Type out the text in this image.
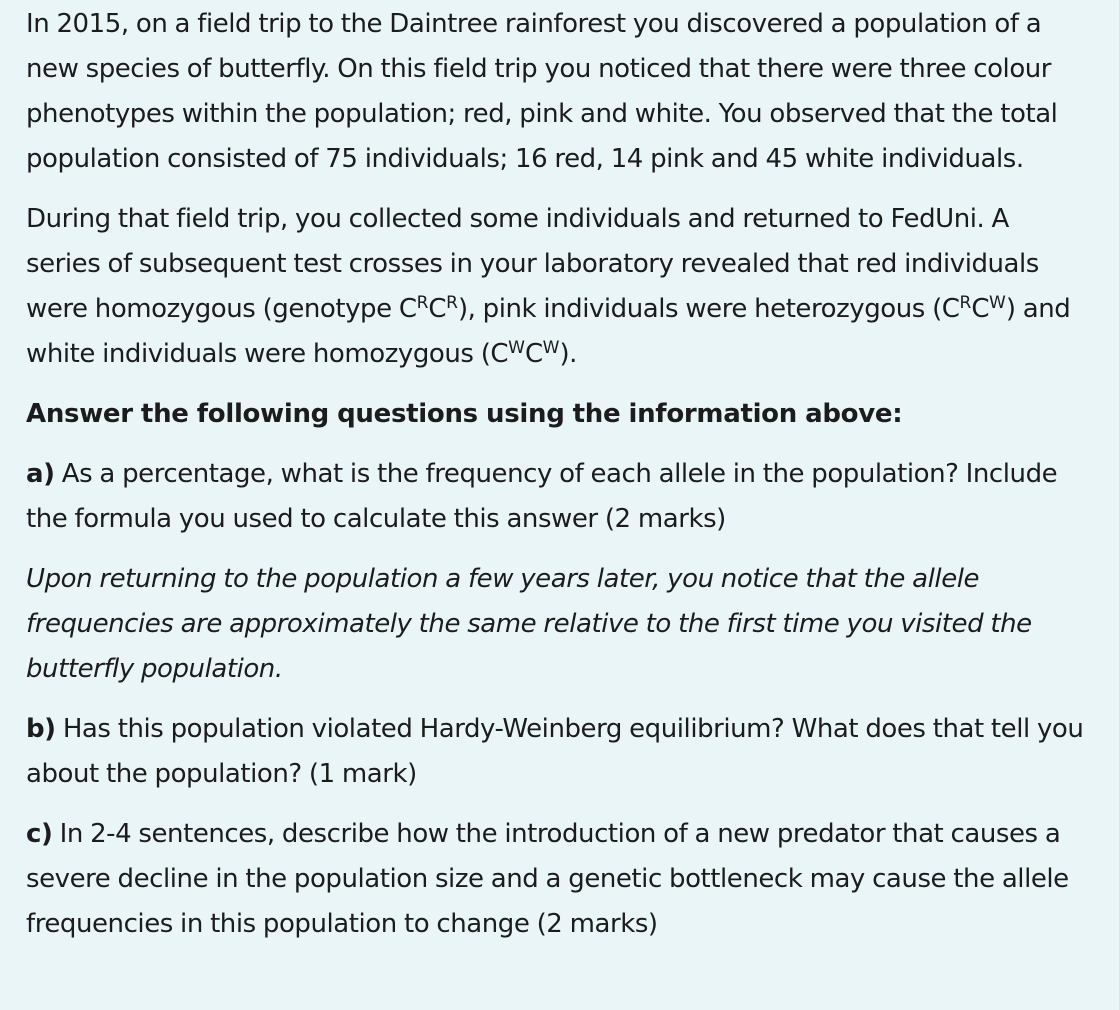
In 2015, on a field trip to the Daintree rainforest you discovered a population of a new species of butterfly. On this field trip you noticed that there were three colour phenotypes within the population; red, pink and white. You observed that the total population consisted of 75 individuals; 16 red, 14 pink and 45 white individuals.

During that field trip, you collected some individuals and returned to FedUni. A series of subsequent test crosses in your laboratory revealed that red individuals were homozygous (genotype $C^RC^R$), pink individuals were heterozygous $(C^RC^W)$ and white individuals were homozygous $(C^WC^W)$.

Answer the following questions using the information above:

a) As a percentage, what is the frequency of each allele in the population? Include the formula you used to calculate this answer (2 marks)

Upon returning to the population a few years later, you notice that the allele frequencies are approximately the same relative to the first time you visited the butterfly population.

b) Has this population violated Hardy-Weinberg equilibrium? What does that tell you about the population? (1 mark)

c) In 2-4 sentences, describe how the introduction of a new predator that causes a severe decline in the population size and a genetic bottleneck may cause the allele frequencies in this population to change (2 marks)
